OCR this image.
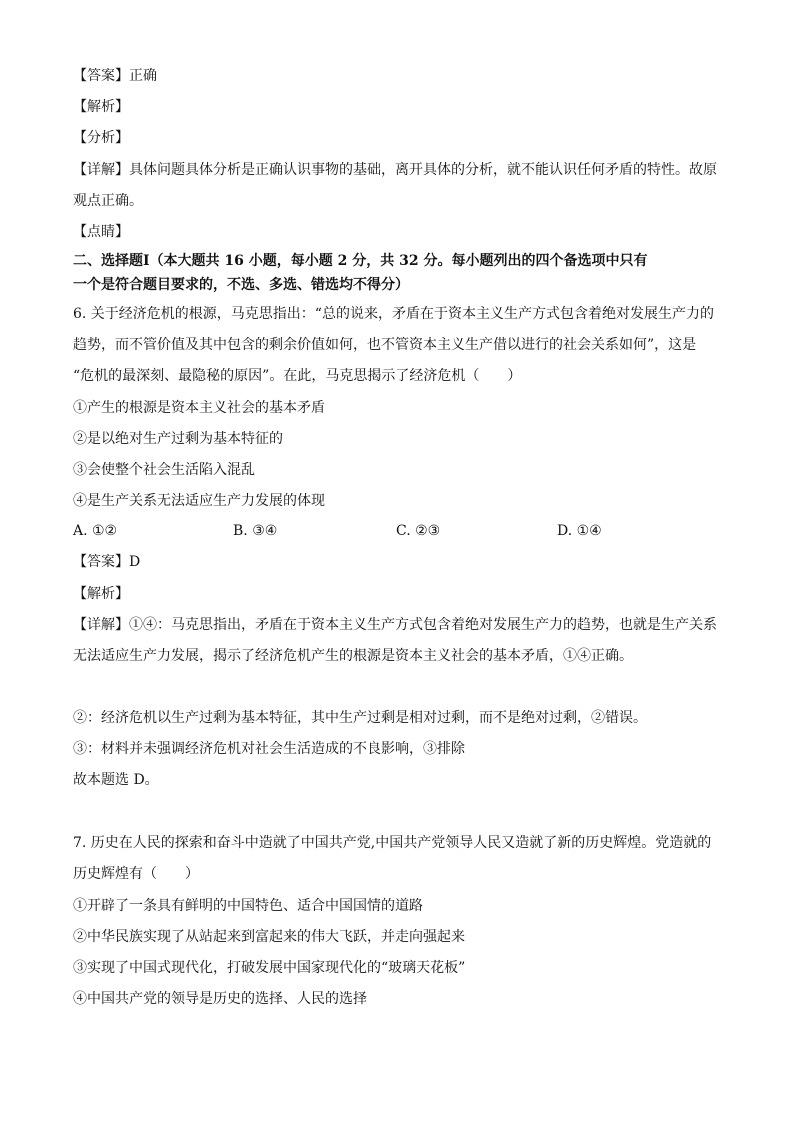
【答案】正确
【解析】
【分析】
【详解】具体问题具体分析是正确认识事物的基础，离开具体的分析，就不能认识任何矛盾的特性。故原
观点正确。
【点睛】
二、选择题Ⅰ（本大题共 16 小题，每小题 2 分，共 32 分。每小题列出的四个备选项中只有
一个是符合题目要求的，不选、多选、错选均不得分）
6. 关于经济危机的根源，马克思指出：“总的说来，矛盾在于资本主义生产方式包含着绝对发展生产力的
趋势，而不管价值及其中包含的剩余价值如何，也不管资本主义生产借以进行的社会关系如何”，这是
“危机的最深刻、最隐秘的原因”。在此，马克思揭示了经济危机（　　）
①产生的根源是资本主义社会的基本矛盾
②是以绝对生产过剩为基本特征的
③会使整个社会生活陷入混乱
④是生产关系无法适应生产力发展的体现
A. ①②	B. ③④	C. ②③	D. ①④
【答案】D
【解析】
【详解】①④：马克思指出，矛盾在于资本主义生产方式包含着绝对发展生产力的趋势，也就是生产关系
无法适应生产力发展，揭示了经济危机产生的根源是资本主义社会的基本矛盾，①④正确。
②：经济危机以生产过剩为基本特征，其中生产过剩是相对过剩，而不是绝对过剩，②错误。
③：材料并未强调经济危机对社会生活造成的不良影响，③排除
故本题选 D。
7. 历史在人民的探索和奋斗中造就了中国共产党,中国共产党领导人民又造就了新的历史辉煌。党造就的
历史辉煌有（　　）
①开辟了一条具有鲜明的中国特色、适合中国国情的道路
②中华民族实现了从站起来到富起来的伟大飞跃，并走向强起来
③实现了中国式现代化，打破发展中国家现代化的“玻璃天花板”
④中国共产党的领导是历史的选择、人民的选择
